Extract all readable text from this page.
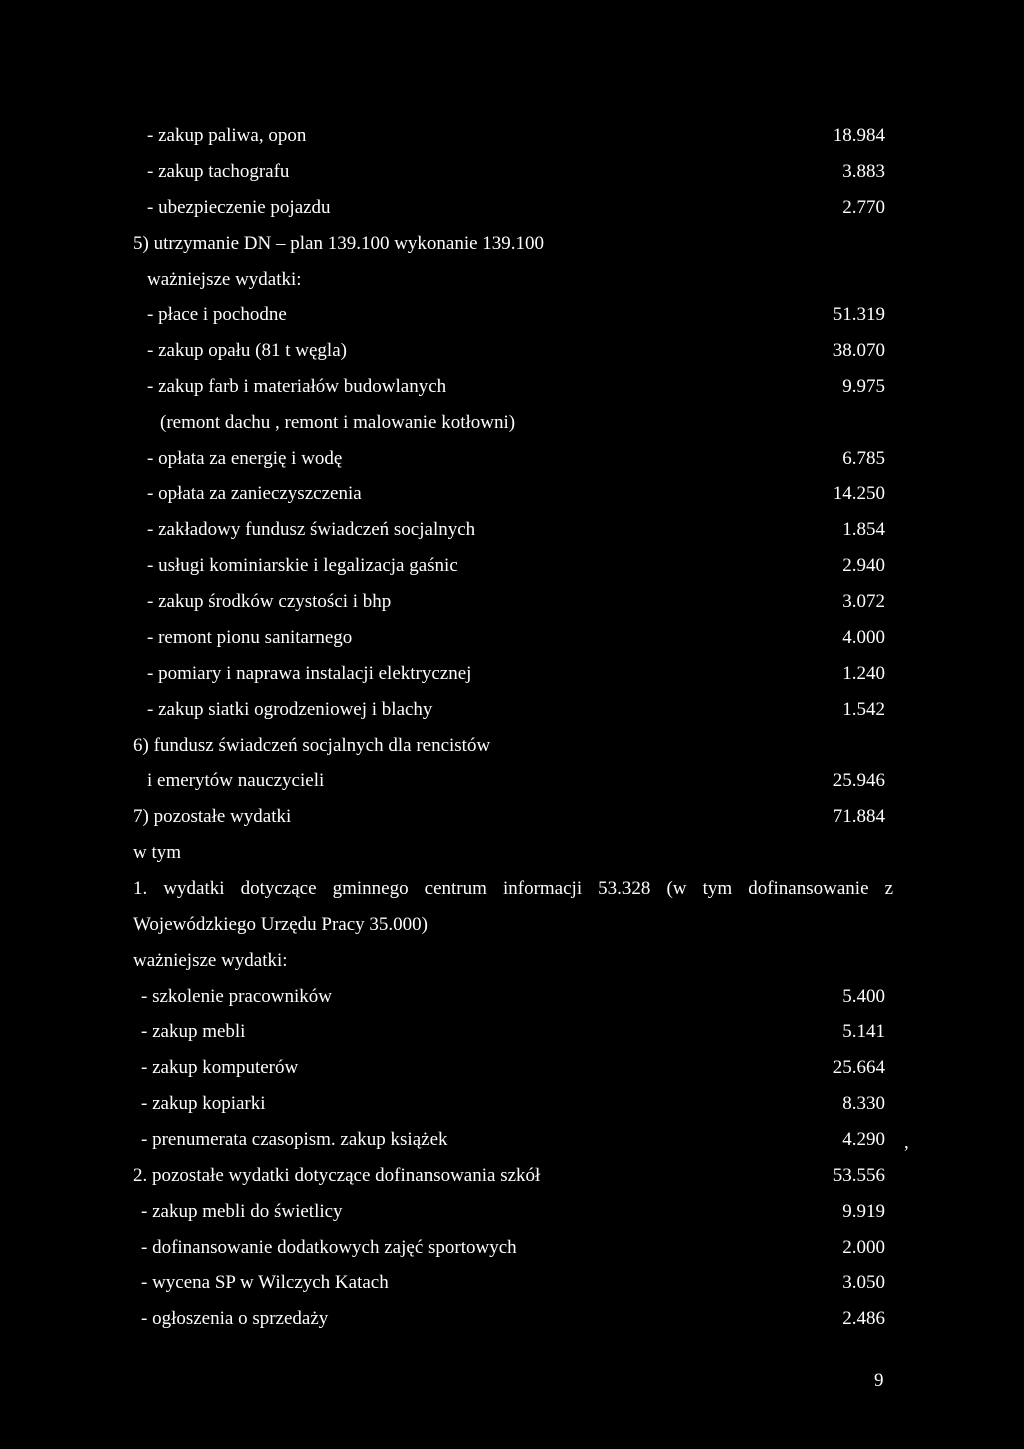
- zakup paliwa, opon	18.984
- zakup tachografu	3.883
- ubezpieczenie pojazdu	2.770
5) utrzymanie DN – plan 139.100 wykonanie 139.100
ważniejsze wydatki:
- płace i pochodne	51.319
- zakup opału (81 t węgla)	38.070
- zakup farb i materiałów budowlanych	9.975
(remont dachu , remont i malowanie kotłowni)
- opłata za energię i wodę	6.785
- opłata za zanieczyszczenia	14.250
- zakładowy fundusz świadczeń socjalnych	1.854
- usługi kominiarskie i legalizacja gaśnic	2.940
- zakup środków czystości i bhp	3.072
- remont pionu sanitarnego	4.000
- pomiary i naprawa instalacji elektrycznej	1.240
- zakup siatki ogrodzeniowej i blachy	1.542
6) fundusz świadczeń socjalnych dla rencistów
i emerytów nauczycieli	25.946
7) pozostałe wydatki	71.884
w tym
1. wydatki dotyczące gminnego centrum informacji 53.328 (w tym dofinansowanie z
Wojewódzkiego Urzędu Pracy 35.000)
ważniejsze wydatki:
- szkolenie pracowników	5.400
- zakup mebli	5.141
- zakup komputerów	25.664
- zakup kopiarki	8.330
- prenumerata czasopism. zakup książek	4.290
2. pozostałe wydatki dotyczące dofinansowania szkół	53.556
- zakup mebli do świetlicy	9.919
- dofinansowanie dodatkowych zajęć sportowych	2.000
- wycena SP w Wilczych Katach	3.050
- ogłoszenia o sprzedaży	2.486
,
9
